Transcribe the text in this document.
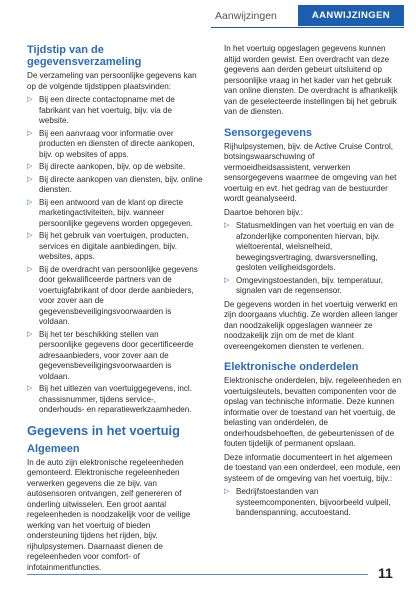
Aanwijzingen	AANWIJZINGEN
Tijdstip van de gegevensverzameling

De verzameling van persoonlijke gegevens kan op de volgende tijdstippen plaatsvinden:

▷ Bij een directe contactopname met de fabrikant van het voertuig, bijv. via de website.
▷ Bij een aanvraag voor informatie over producten en diensten of directe aankopen, bijv. op websites of apps.
▷ Bij directe aankopen, bijv. op de website.
▷ Bij directe aankopen van diensten, bijv. online diensten.
▷ Bij een antwoord van de klant op directe marketingactiviteiten, bijv. wanneer persoonlijke gegevens worden opgegeven.
▷ Bij het gebruik van voertuigen, producten, services en digitale aanbiedingen, bijv. websites, apps.
▷ Bij de overdracht van persoonlijke gegevens door gekwalificeerde partners van de voertuigfabrikant of door derde aanbieders, voor zover aan de gegevensbeveiligingsvoorwaarden is voldaan.
▷ Bij het ter beschikking stellen van persoonlijke gegevens door gecertificeerde adresaanbieders, voor zover aan de gegevensbeveiligingsvoorwaarden is voldaan.
▷ Bij het uitlezen van voertuiggegevens, incl. chassisnummer, tijdens service-, onderhouds- en reparatiewerkzaamheden.
Gegevens in het voertuig
Algemeen

In de auto zijn elektronische regeleenheden gemonteerd. Elektronische regeleenheden verwerken gegevens die ze bijv. van autosensoren ontvangen, zelf genereren of onderling uitwisselen. Een groot aantal regeleenheden is noodzakelijk voor de veilige werking van het voertuig of bieden ondersteuning tijdens het rijden, bijv. rijhulpsystemen. Daarnaast dienen de regeleenheden voor comfort- of infotainmentfuncties.

In het voertuig opgeslagen gegevens kunnen altijd worden gewist. Een overdracht van deze gegevens aan derden gebeurt uitsluitend op persoonlijke vraag in het kader van het gebruik van online diensten. De overdracht is afhankelijk van de geselecteerde instellingen bij het gebruik van de diensten.

Sensorgegevens

Rijhulpsystemen, bijv. de Active Cruise Control, botsingswaarschuwing of vermoeidheidsassistent, verwerken sensorgegevens waarmee de omgeving van het voertuig en evt. het gedrag van de bestuurder wordt geanalyseerd.

Daartoe behoren bijv.:

▷ Statusmeldingen van het voertuig en van de afzonderlijke componenten hiervan, bijv. wieltoerental, wielsnelheid, bewegingsvertraging, dwarsversnelling, gesloten veiligheidsgordels.
▷ Omgevingstoestanden, bijv. temperatuur, signalen van de regensensor.

De gegevens worden in het voertuig verwerkt en zijn doorgaans vluchtig. Ze worden alleen langer dan noodzakelijk opgeslagen wanneer ze noodzakelijk zijn om de met de klant overeengekomen diensten te verlenen.

Elektronische onderdelen

Elektronische onderdelen, bijv. regeleenheden en voertuigsleutels, bevatten componenten voor de opslag van technische informatie. Deze kunnen informatie over de toestand van het voertuig, de belasting van onderdelen, de onderhoudsbehoeften, de gebeurtenissen of de fouten tijdelijk of permanent opslaan.

Deze informatie documenteert in het algemeen de toestand van een onderdeel, een module, een systeem of de omgeving van het voertuig, bijv.:

▷ Bedrijfstoestanden van systeemcomponenten, bijvoorbeeld vulpeil, bandenspanning, accutoestand.
11
